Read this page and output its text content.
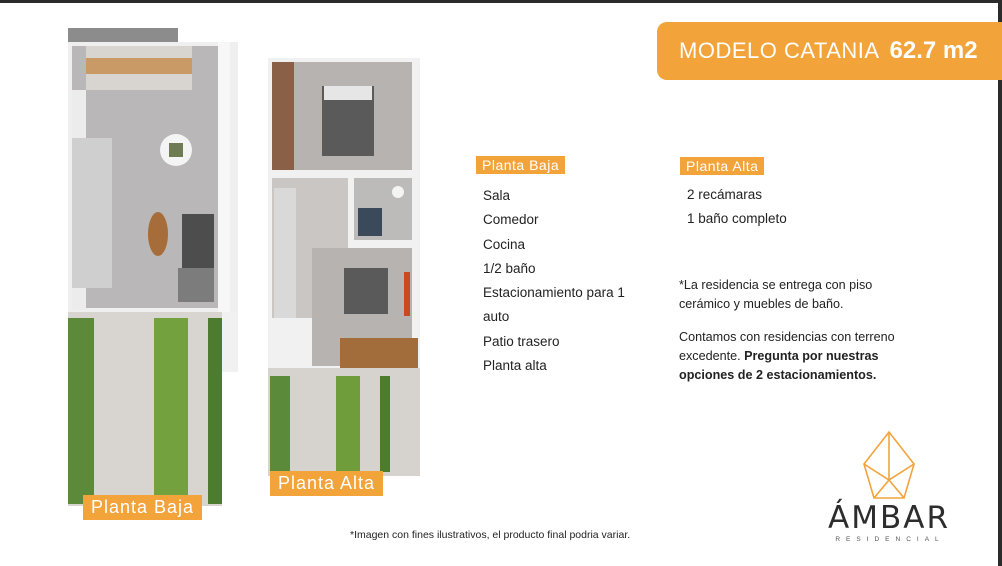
MODELO CATANIA 62.7 m2
Planta Baja
Planta Alta
Planta Baja
Sala
Comedor
Cocina
1/2 baño
Estacionamiento para 1
auto
Patio trasero
Planta alta
Planta Alta
2 recámaras
1 baño completo
*La residencia se entrega con piso cerámico y muebles de baño.
Contamos con residencias con terreno excedente. Pregunta por nuestras opciones de 2 estacionamientos.
*Imagen con fines ilustrativos, el producto final podria variar.	ÁMBAR
RESIDENCIAL
